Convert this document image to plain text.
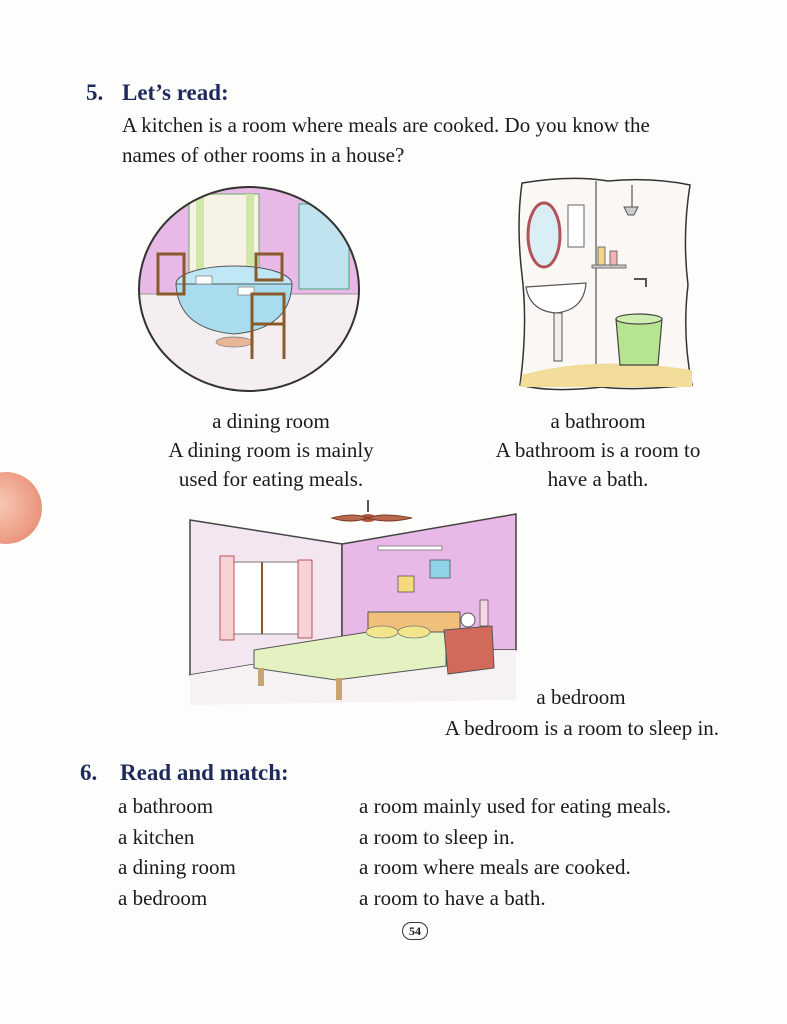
5. Let’s read:
A kitchen is a room where meals are cooked. Do you know the
names of other rooms in a house?
a dining room
A dining room is mainly
used for eating meals.
a bathroom
A bathroom is a room to
have a bath.
a bedroom
A bedroom is a room to sleep in.
6. Read and match:
a bathroom
a kitchen
a dining room
a bedroom
a room mainly used for eating meals.
a room to sleep in.
a room where meals are cooked.
a room to have a bath.
54
